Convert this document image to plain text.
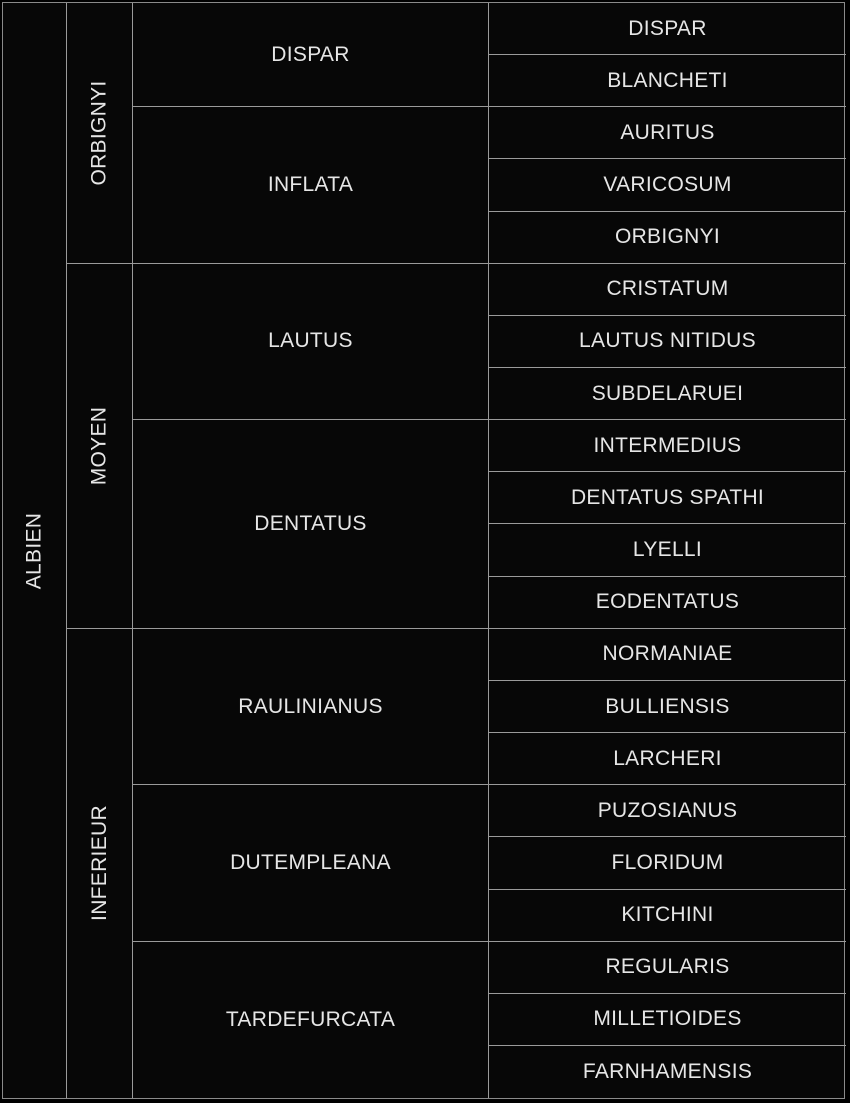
ALBIEN
ORBIGNYI
DISPAR
DISPAR
BLANCHETI
INFLATA
AURITUS
VARICOSUM
ORBIGNYI
MOYEN
LAUTUS
CRISTATUM
LAUTUS NITIDUS
SUBDELARUEI
DENTATUS
INTERMEDIUS
DENTATUS SPATHI
LYELLI
EODENTATUS
INFERIEUR
RAULINIANUS
NORMANIAE
BULLIENSIS
LARCHERI
DUTEMPLEANA
PUZOSIANUS
FLORIDUM
KITCHINI
TARDEFURCATA
REGULARIS
MILLETIOIDES
FARNHAMENSIS
